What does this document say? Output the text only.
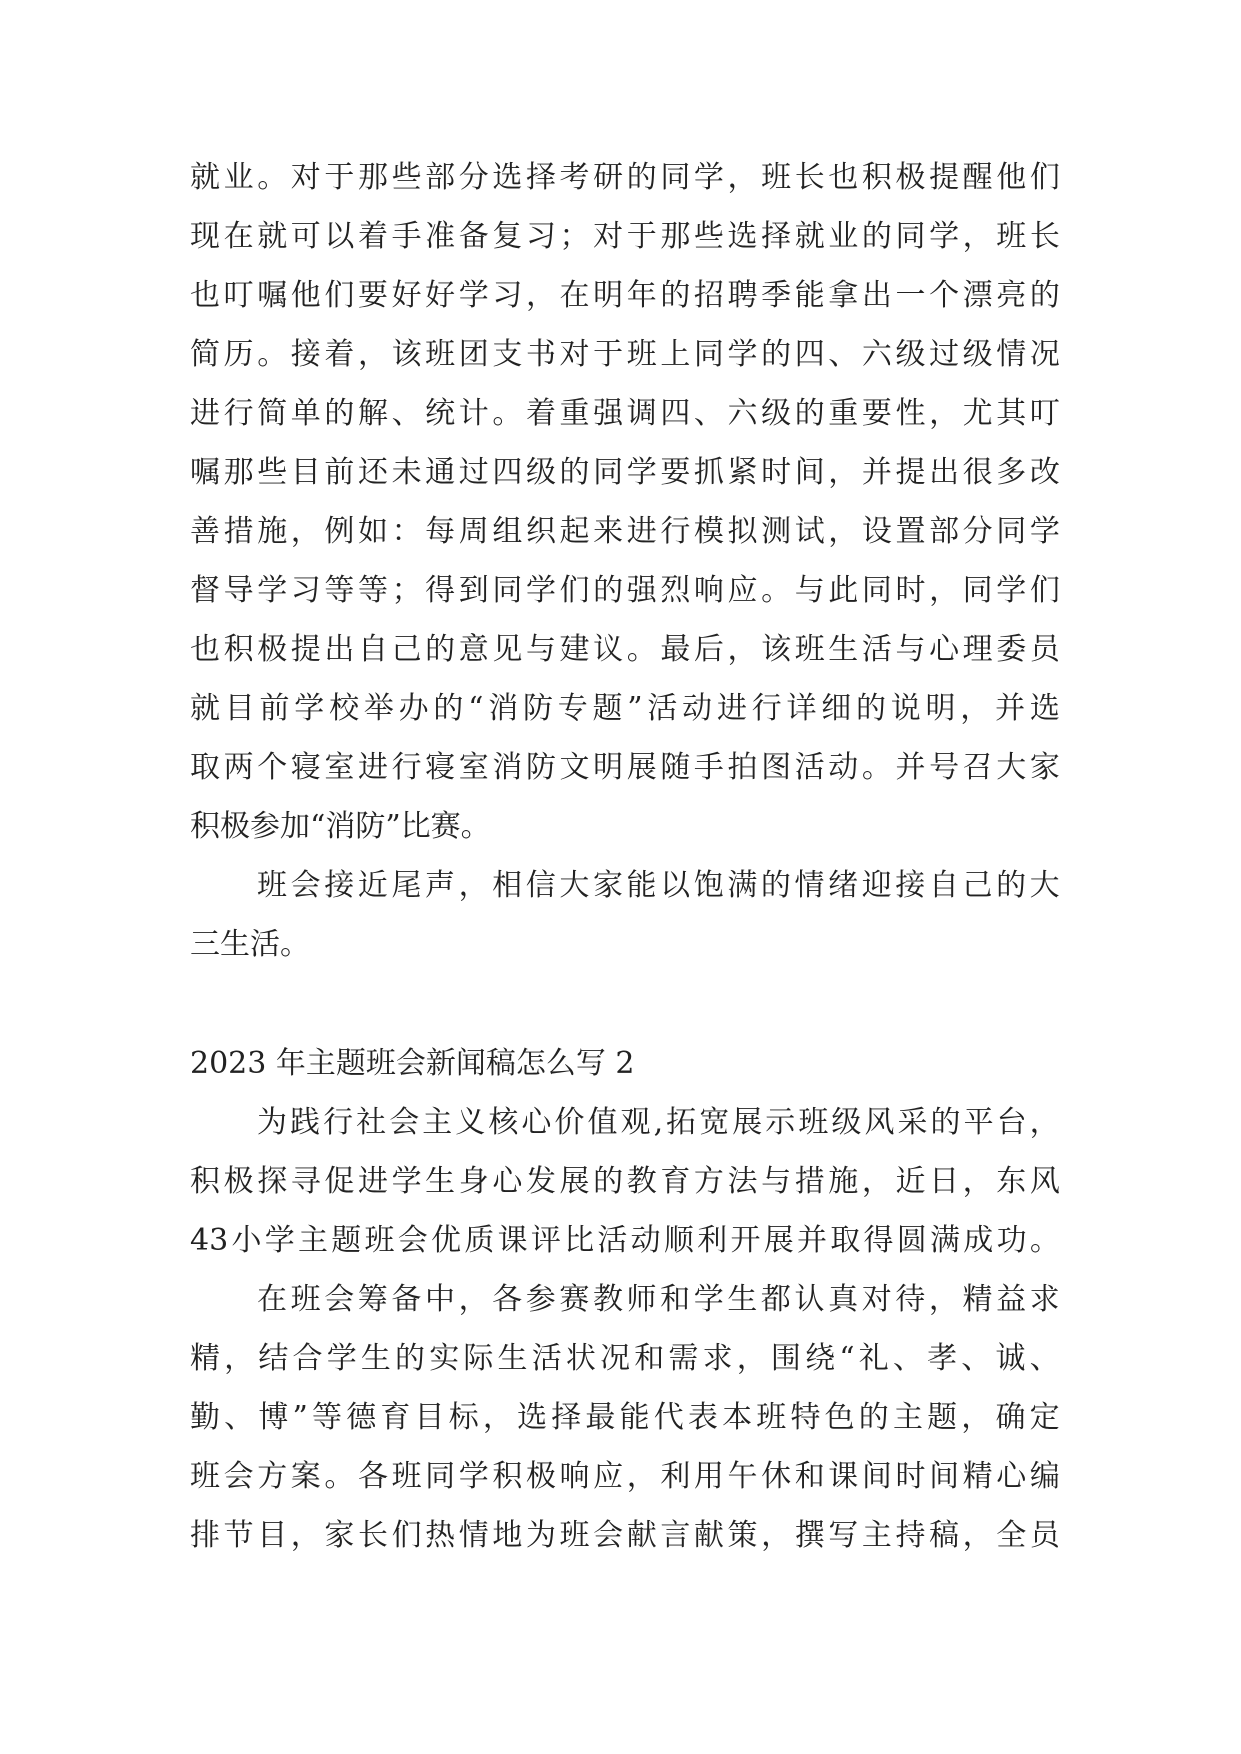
就 业 。 对 于 那 些 部 分 选 择 考 研 的 同 学 ， 班 长 也 积 极 提 醒 他 们
现 在 就 可 以 着 手 准 备 复 习 ； 对 于 那 些 选 择 就 业 的 同 学 ， 班 长
也 叮 嘱 他 们 要 好 好 学 习 ， 在 明 年 的 招 聘 季 能 拿 出 一 个 漂 亮 的
简 历 。 接 着 ， 该 班 团 支 书 对 于 班 上 同 学 的 四 、 六 级 过 级 情 况
进 行 简 单 的 解 、 统 计 。 着 重 强 调 四 、 六 级 的 重 要 性 ， 尤 其 叮
嘱 那 些 目 前 还 未 通 过 四 级 的 同 学 要 抓 紧 时 间 ， 并 提 出 很 多 改
善 措 施 ， 例 如 ： 每 周 组 织 起 来 进 行 模 拟 测 试 ， 设 置 部 分 同 学
督 导 学 习 等 等 ； 得 到 同 学 们 的 强 烈 响 应 。 与 此 同 时 ， 同 学 们
也 积 极 提 出 自 己 的 意 见 与 建 议 。 最 后 ， 该 班 生 活 与 心 理 委 员
就 目 前 学 校 举 办 的 “ 消 防 专 题 ” 活 动 进 行 详 细 的 说 明 ， 并 选
取 两 个 寝 室 进 行 寝 室 消 防 文 明 展 随 手 拍 图 活 动 。 并 号 召 大 家
积极参加“消防”比赛。
班 会 接 近 尾 声 ， 相 信 大 家 能 以 饱 满 的 情 绪 迎 接 自 己 的 大
三生活。
2023 年主题班会新闻稿怎么写 2
为 践 行 社 会 主 义 核 心 价 值 观 , 拓 宽 展 示 班 级 风 采 的 平 台 ，
积 极 探 寻 促 进 学 生 身 心 发 展 的 教 育 方 法 与 措 施 ， 近 日 ， 东 风
43 小 学 主 题 班 会 优 质 课 评 比 活 动 顺 利 开 展 并 取 得 圆 满 成 功 。
在 班 会 筹 备 中 ， 各 参 赛 教 师 和 学 生 都 认 真 对 待 ， 精 益 求
精 ， 结 合 学 生 的 实 际 生 活 状 况 和 需 求 ， 围 绕 “ 礼 、 孝 、 诚 、
勤 、 博 ” 等 德 育 目 标 ， 选 择 最 能 代 表 本 班 特 色 的 主 题 ， 确 定
班 会 方 案 。 各 班 同 学 积 极 响 应 ， 利 用 午 休 和 课 间 时 间 精 心 编
排 节 目 ， 家 长 们 热 情 地 为 班 会 献 言 献 策 ， 撰 写 主 持 稿 ， 全 员
